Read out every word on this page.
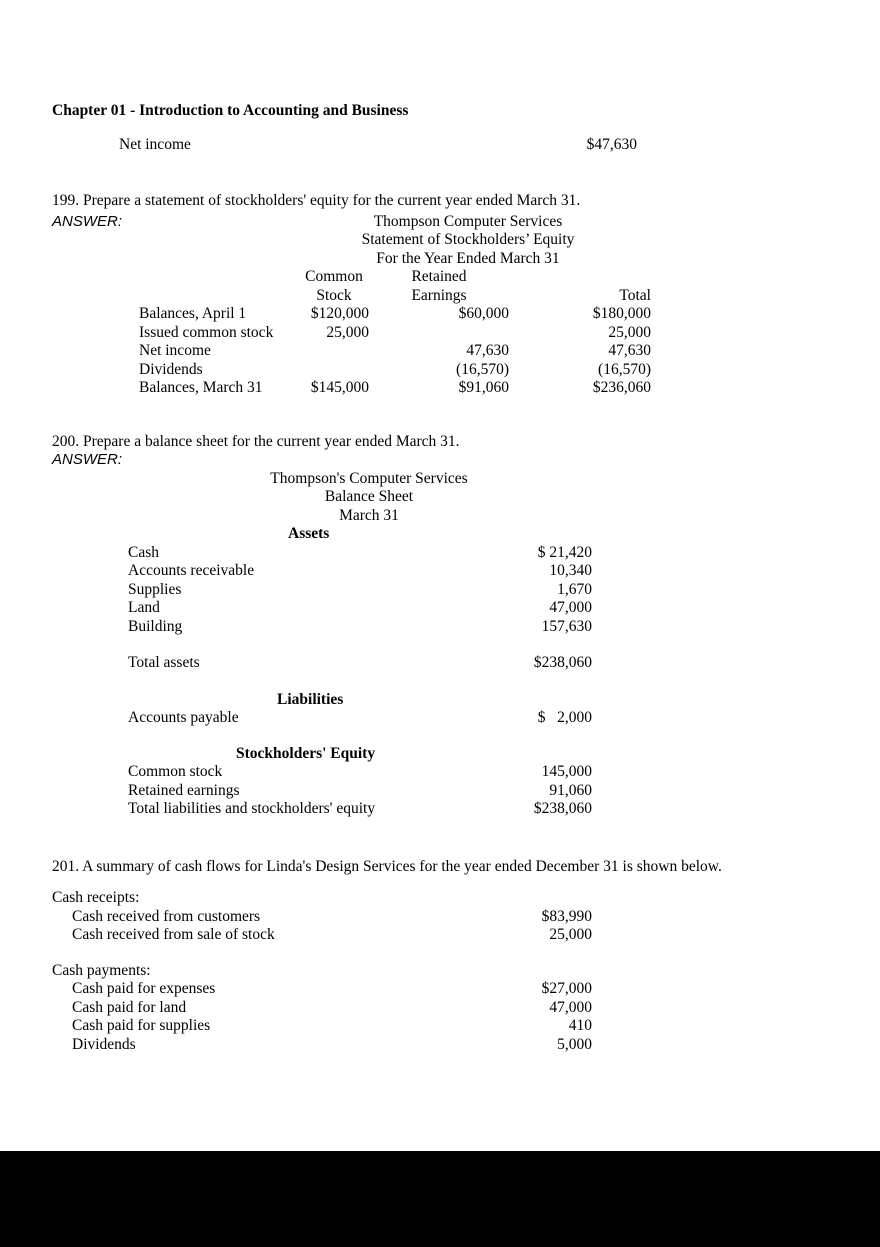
Chapter 01 - Introduction to Accounting and Business
Net income	$47,630
199. Prepare a statement of stockholders' equity for the current year ended March 31.
ANSWER:	Thompson Computer Services
Statement of Stockholders’ Equity
For the Year Ended March 31
	Common	Retained	
	Stock	Earnings	Total
Balances, April 1	$120,000	$60,000	$180,000
Issued common stock	25,000		25,000
Net income		47,630	47,630
Dividends		(16,570)	(16,570)
Balances, March 31	$145,000	$91,060	$236,060
200. Prepare a balance sheet for the current year ended March 31.
ANSWER:
Thompson's Computer Services
Balance Sheet
March 31
Assets
Cash	$ 21,420
Accounts receivable	10,340
Supplies	1,670
Land	47,000
Building	157,630
Total assets	$238,060
Liabilities
Accounts payable	$   2,000
Stockholders' Equity
Common stock	145,000
Retained earnings	91,060
Total liabilities and stockholders' equity	$238,060
201. A summary of cash flows for Linda's Design Services for the year ended December 31 is shown below.
Cash receipts:
Cash received from customers	$83,990
Cash received from sale of stock	25,000
Cash payments:
Cash paid for expenses	$27,000
Cash paid for land	47,000
Cash paid for supplies	410
Dividends	5,000
